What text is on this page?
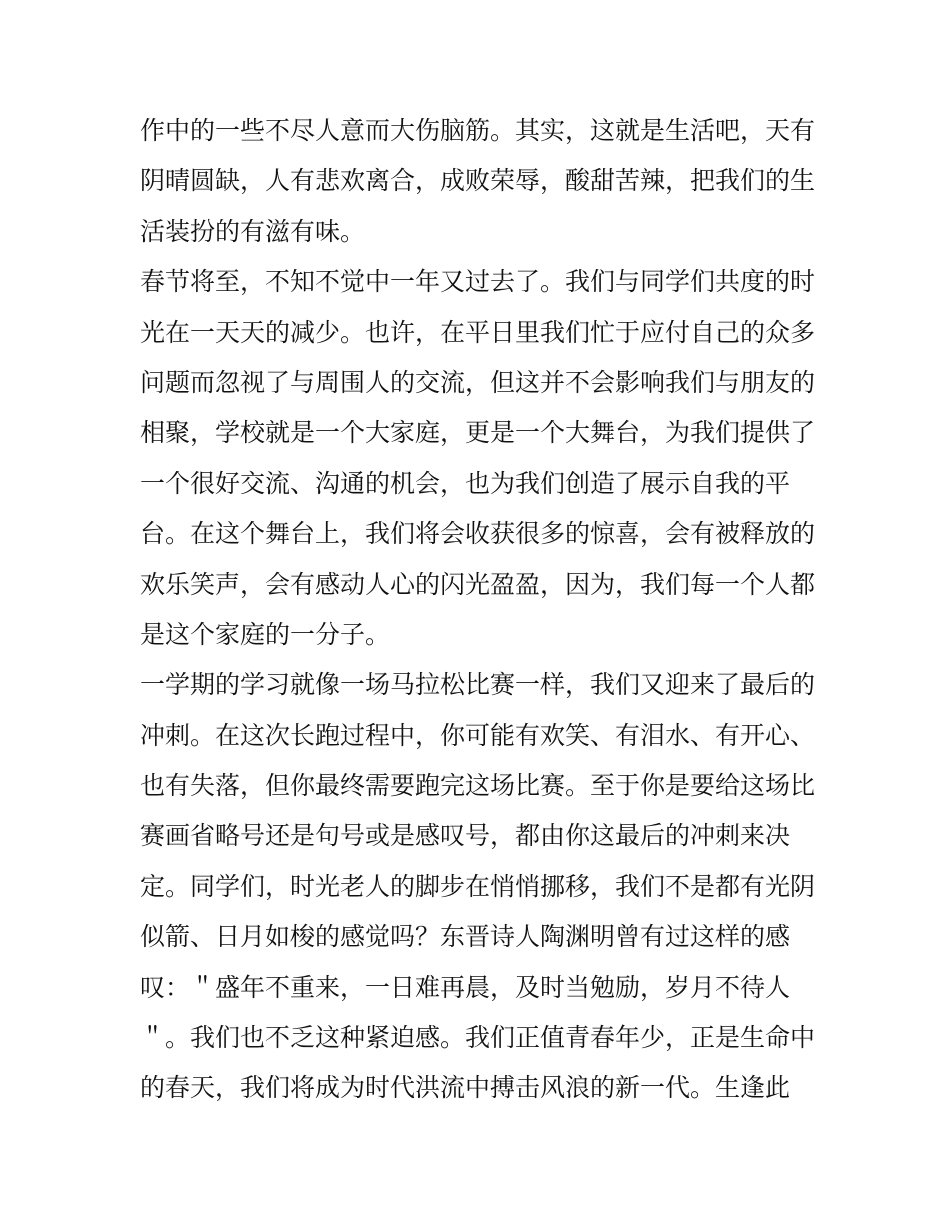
作中的一些不尽人意而大伤脑筋。其实，这就是生活吧，天有
阴晴圆缺，人有悲欢离合，成败荣辱，酸甜苦辣，把我们的生
活装扮的有滋有味。
春节将至，不知不觉中一年又过去了。我们与同学们共度的时
光在一天天的减少。也许，在平日里我们忙于应付自己的众多
问题而忽视了与周围人的交流，但这并不会影响我们与朋友的
相聚，学校就是一个大家庭，更是一个大舞台，为我们提供了
一个很好交流、沟通的机会，也为我们创造了展示自我的平
台。在这个舞台上，我们将会收获很多的惊喜，会有被释放的
欢乐笑声，会有感动人心的闪光盈盈，因为，我们每一个人都
是这个家庭的一分子。
一学期的学习就像一场马拉松比赛一样，我们又迎来了最后的
冲刺。在这次长跑过程中，你可能有欢笑、有泪水、有开心、
也有失落，但你最终需要跑完这场比赛。至于你是要给这场比
赛画省略号还是句号或是感叹号，都由你这最后的冲刺来决
定。同学们，时光老人的脚步在悄悄挪移，我们不是都有光阴
似箭、日月如梭的感觉吗？东晋诗人陶渊明曾有过这样的感
叹：＂盛年不重来，一日难再晨，及时当勉励，岁月不待人
＂。我们也不乏这种紧迫感。我们正值青春年少，正是生命中
的春天，我们将成为时代洪流中搏击风浪的新一代。生逢此
